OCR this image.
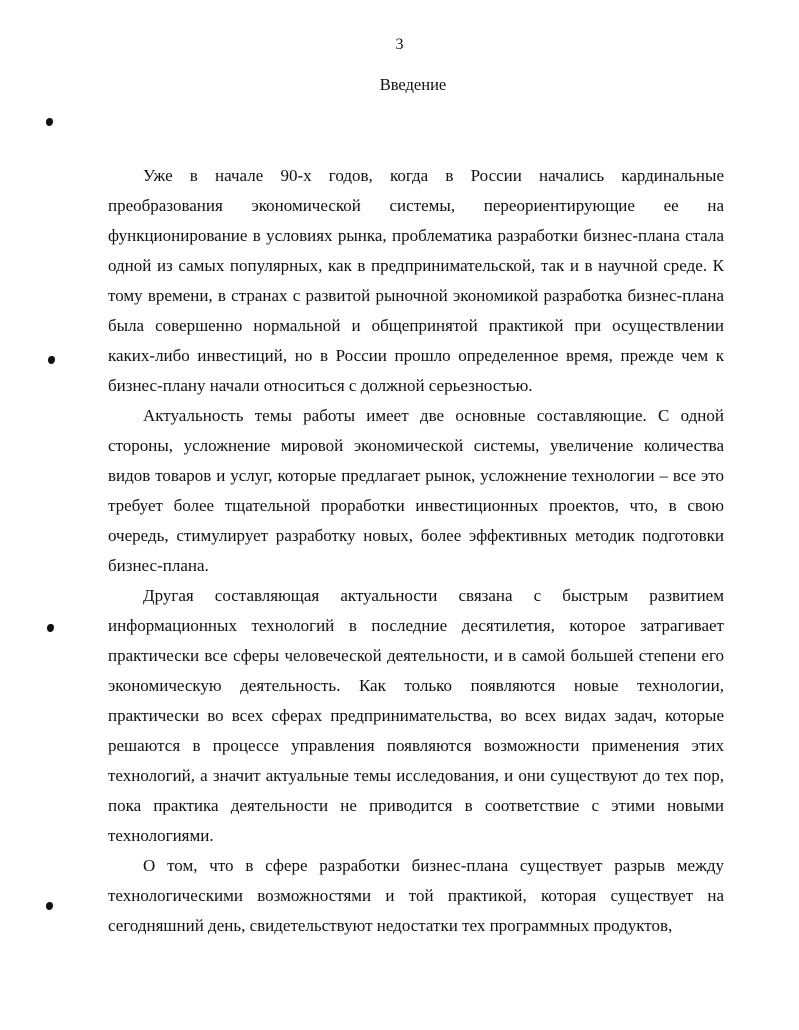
3
Введение

Уже в начале 90-х годов, когда в России начались кардинальные преобразования экономической системы, переориентирующие ее на функционирование в условиях рынка, проблематика разработки бизнес-плана стала одной из самых популярных, как в предпринимательской, так и в научной среде. К тому времени, в странах с развитой рыночной экономикой разработка бизнес-плана была совершенно нормальной и общепринятой практикой при осуществлении каких-либо инвестиций, но в России прошло определенное время, прежде чем к бизнес-плану начали относиться с должной серьезностью.

Актуальность темы работы имеет две основные составляющие. С одной стороны, усложнение мировой экономической системы, увеличение количества видов товаров и услуг, которые предлагает рынок, усложнение технологии – все это требует более тщательной проработки инвестиционных проектов, что, в свою очередь, стимулирует разработку новых, более эффективных методик подготовки бизнес-плана.

Другая составляющая актуальности связана с быстрым развитием информационных технологий в последние десятилетия, которое затрагивает практически все сферы человеческой деятельности, и в самой большей степени его экономическую деятельность. Как только появляются новые технологии, практически во всех сферах предпринимательства, во всех видах задач, которые решаются в процессе управления появляются возможности применения этих технологий, а значит актуальные темы исследования, и они существуют до тех пор, пока практика деятельности не приводится в соответствие с этими новыми технологиями.

О том, что в сфере разработки бизнес-плана существует разрыв между технологическими возможностями и той практикой, которая существует на сегодняшний день, свидетельствуют недостатки тех программных продуктов,
